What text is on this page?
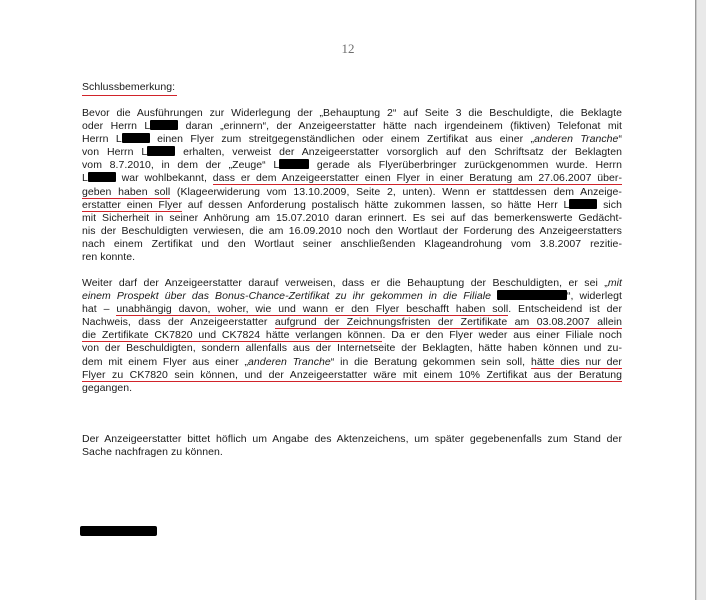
12
Schlussbemerkung:
Bevor die Ausführungen zur Widerlegung der „Behauptung 2“ auf Seite 3 die Beschuldigte, die Beklagte
oder Herrn L	daran „erinnern“, der Anzeigeerstatter hätte nach irgendeinem (fiktiven) Telefonat mit
Herrn L	einen Flyer zum streitgegenständlichen oder einem Zertifikat aus einer „anderen Tranche“
von Herrn L	erhalten, verweist der Anzeigeerstatter vorsorglich auf den Schriftsatz der Beklagten
vom 8.7.2010, in dem der „Zeuge“ L	gerade als Flyerüberbringer zurückgenommen wurde. Herrn
L	war wohlbekannt, dass er dem Anzeigeerstatter einen Flyer in einer Beratung am 27.06.2007 über-
geben haben soll (Klageerwiderung vom 13.10.2009, Seite 2, unten). Wenn er stattdessen dem Anzeige-
erstatter einen Flyer auf dessen Anforderung postalisch hätte zukommen lassen, so hätte Herr L	sich
mit Sicherheit in seiner Anhörung am 15.07.2010 daran erinnert. Es sei auf das bemerkenswerte Gedächt-
nis der Beschuldigten verwiesen, die am 16.09.2010 noch den Wortlaut der Forderung des Anzeigeerstatters
nach einem Zertifikat und den Wortlaut seiner anschließenden Klageandrohung vom 3.8.2007 rezitie-
ren konnte.
Weiter darf der Anzeigeerstatter darauf verweisen, dass er die Behauptung der Beschuldigten, er sei „mit
einem Prospekt über das Bonus-Chance-Zertifikat zu ihr gekommen in die Filiale	“, widerlegt
hat – unabhängig davon, woher, wie und wann er den Flyer beschafft haben soll. Entscheidend ist der
Nachweis, dass der Anzeigeerstatter aufgrund der Zeichnungsfristen der Zertifikate am 03.08.2007 allein
die Zertifikate CK7820 und CK7824 hätte verlangen können. Da er den Flyer weder aus einer Filiale noch
von der Beschuldigten, sondern allenfalls aus der Internetseite der Beklagten, hätte haben können und zu-
dem mit einem Flyer aus einer „anderen Tranche“ in die Beratung gekommen sein soll, hätte dies nur der
Flyer zu CK7820 sein können, und der Anzeigeerstatter wäre mit einem 10% Zertifikat aus der Beratung
gegangen.
Der Anzeigeerstatter bittet höflich um Angabe des Aktenzeichens, um später gegebenenfalls zum Stand der
Sache nachfragen zu können.
